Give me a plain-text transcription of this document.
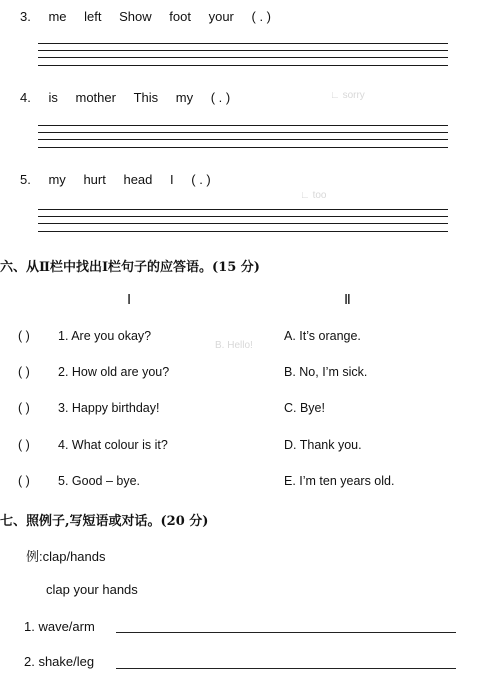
∟ sorry
∟ too
B. Hello!
3. me left Show foot your ( . )
4. is mother This my ( . )
5. my hurt head I ( . )
六、从Ⅱ栏中找出Ⅰ栏句子的应答语。(15 分)
Ⅰ	Ⅱ
( ) 1. Are you okay?
( ) 2. How old are you?
( ) 3. Happy birthday!
( ) 4. What colour is it?
( ) 5. Good – bye.
A. It’s orange.
B. No, I’m sick.
C. Bye!
D. Thank you.
E. I’m ten years old.
七、照例子,写短语或对话。(20 分)
例:clap/hands
clap your hands
1. wave/arm
2. shake/leg
